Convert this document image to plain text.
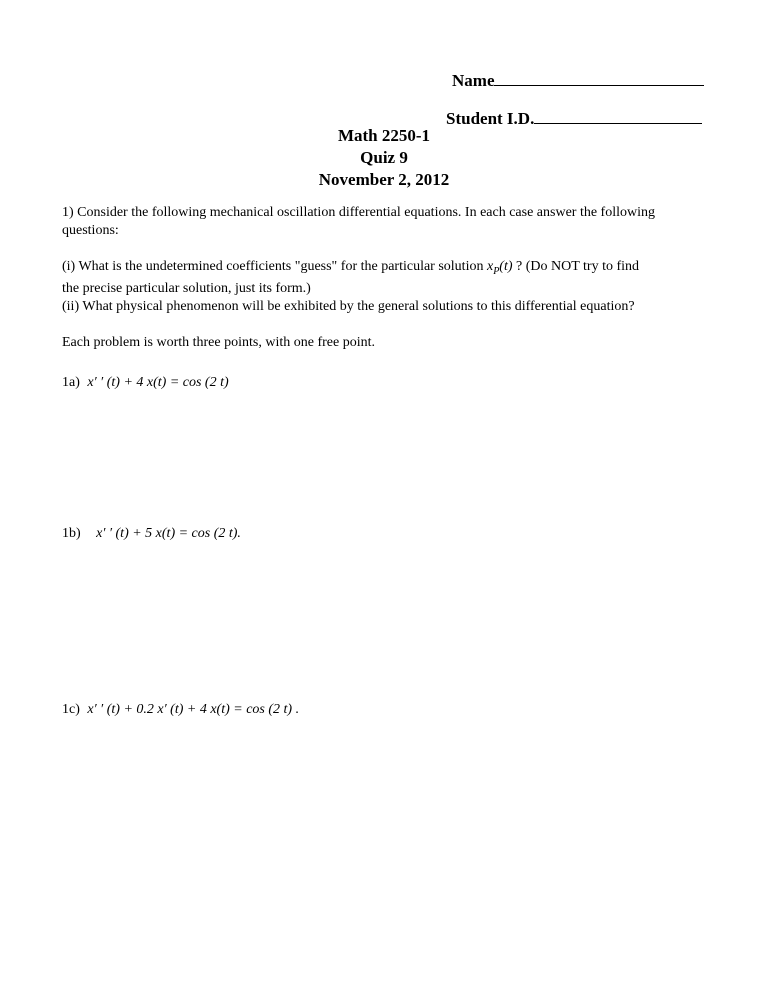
Name
Student I.D.
Math 2250-1
Quiz 9
November 2, 2012
1) Consider the following mechanical oscillation differential equations. In each case answer the following questions:
(i) What is the undetermined coefficients "guess" for the particular solution $x_P(t)$ ? (Do NOT try to find
the precise particular solution, just its form.)
(ii) What physical phenomenon will be exhibited by the general solutions to this differential equation?
Each problem is worth three points, with one free point.
1a) x′ ′ (t) + 4 x(t) = cos (2 t)
1b) x′ ′ (t) + 5 x(t) = cos (2 t).
1c) x′ ′ (t) + 0.2 x′ (t) + 4 x(t) = cos (2 t) .
